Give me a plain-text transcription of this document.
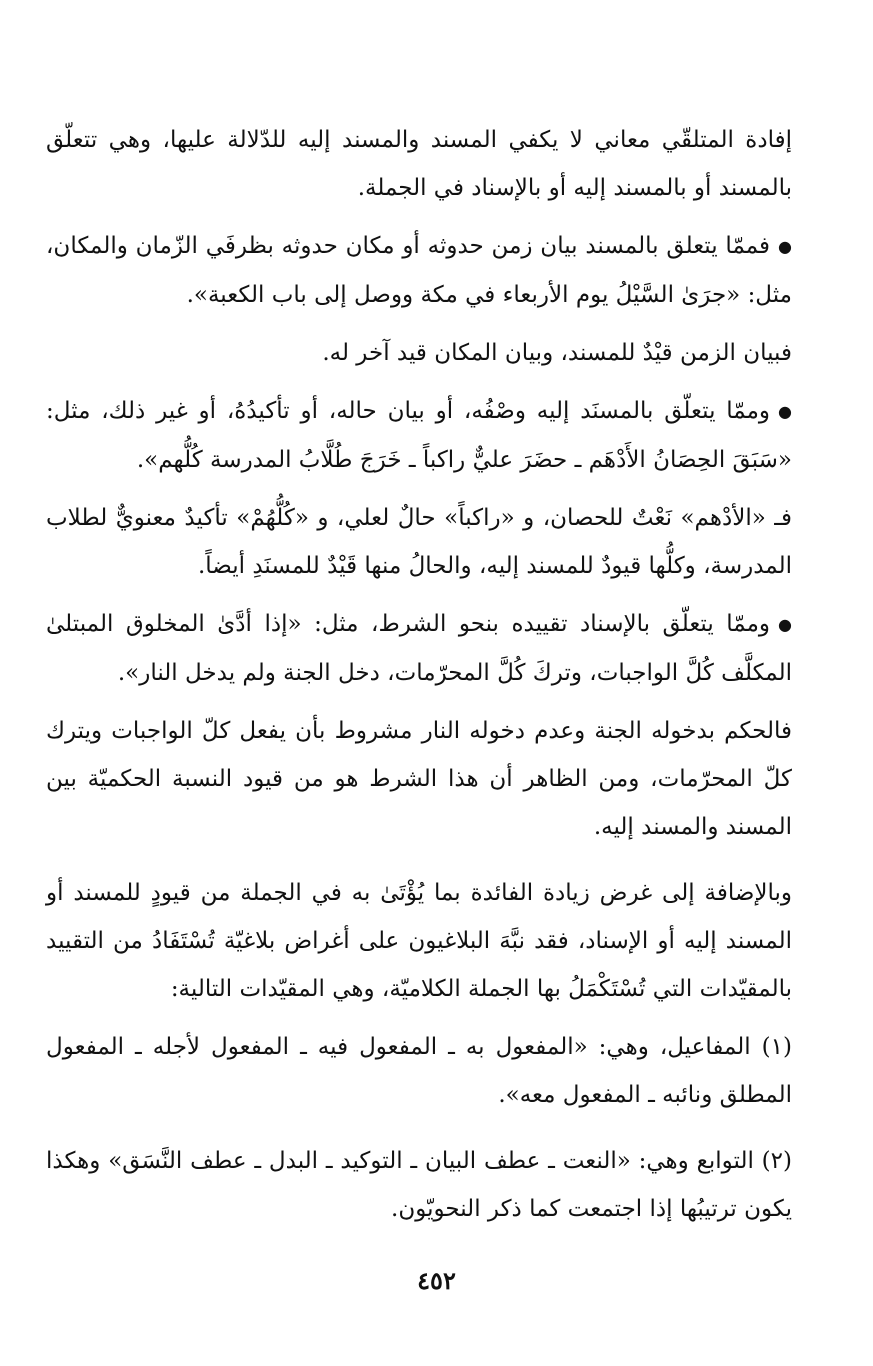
إفادة المتلقّي معاني لا يكفي المسند والمسند إليه للدّلالة عليها، وهي تتعلّق بالمسند أو بالمسند إليه أو بالإسناد في الجملة.

●فممّا يتعلق بالمسند بيان زمن حدوثه أو مكان حدوثه بظرفَي الزّمان والمكان، مثل: «جرَىٰ السَّيْلُ يوم الأربعاء في مكة ووصل إلى باب الكعبة».

فبيان الزمن قيْدٌ للمسند، وبيان المكان قيد آخر له.

●وممّا يتعلّق بالمسنَد إليه وصْفُه، أو بيان حاله، أو تأكيدُهُ، أو غير ذلك، مثل: «سَبَقَ الحِصَانُ الأَدْهَم ـ حضَرَ عليٌّ راكباً ـ خَرَجَ طُلَّابُ المدرسة كُلُّهم».

فـ «الأدْهم» نَعْتٌ للحصان، و «راكباً» حالٌ لعلي، و «كُلُّهُمْ» تأكيدٌ معنويٌّ لطلاب المدرسة، وكلُّها قيودٌ للمسند إليه، والحالُ منها قَيْدٌ للمسنَدِ أيضاً.

●وممّا يتعلّق بالإسناد تقييده بنحو الشرط، مثل: «إذا أدَّىٰ المخلوق المبتلىٰ المكلَّف كُلَّ الواجبات، وتركَ كُلَّ المحرّمات، دخل الجنة ولم يدخل النار».

فالحكم بدخوله الجنة وعدم دخوله النار مشروط بأن يفعل كلّ الواجبات ويترك كلّ المحرّمات، ومن الظاهر أن هذا الشرط هو من قيود النسبة الحكميّة بين المسند والمسند إليه.

وبالإضافة إلى غرض زيادة الفائدة بما يُؤْتَىٰ به في الجملة من قيودٍ للمسند أو المسند إليه أو الإسناد، فقد نبَّهَ البلاغيون على أغراض بلاغيّة تُسْتَفَادُ من التقييد بالمقيّدات التي تُسْتَكْمَلُ بها الجملة الكلاميّة، وهي المقيّدات التالية:

(١) المفاعيل، وهي: «المفعول به ـ المفعول فيه ـ المفعول لأجله ـ المفعول المطلق ونائبه ـ المفعول معه».

(٢) التوابع وهي: «النعت ـ عطف البيان ـ التوكيد ـ البدل ـ عطف النَّسَق» وهكذا يكون ترتيبُها إذا اجتمعت كما ذكر النحويّون.

٤٥٢
